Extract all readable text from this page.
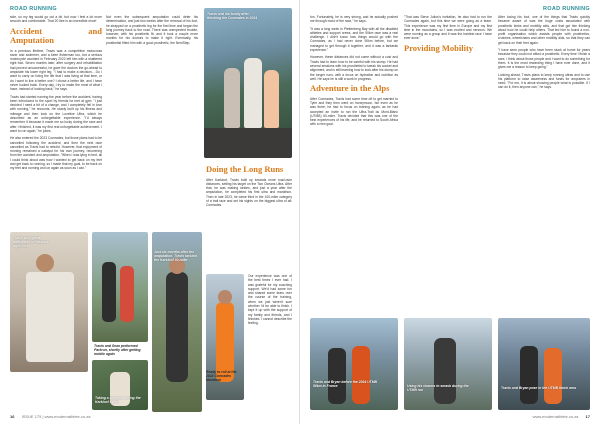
ROAD RUNNING

side, so my leg would go out a bit, but now I feel a lot more smooth and comfortable. That 20 litre is an incredible shoe!

Accident and Amputation

In a previous lifetime, Travis was a competitive motocross racer and swimmer, and a keen fisherman too, but a serious motorcycle accident in February 2022 left him with a shattered right foot. Seven months later, after surgery and rehabilitation had proved unsuccessful, he gave the doctors the go-ahead to amputate his lower right leg. "I had to make a decision... Do I want to carry on living the life that I was living at that time, or do I want to live a better one? I chose a better life, and I have never looked back. Every day, I try to make the most of what I have, instead of looking back," he says.

Travis had started running the year before the accident, having been introduced to the sport by friends he met at gym. "I just decided I need a bit of a change, and I completely fell in love with running," he recounts. He slowly built up his fitness and mileage and then took on the Loveline Ultra, which he described as an unforgettable experience. "I'd always remember it because it made me so lucky during the race and after I finished, it was my first real unforgettable achievement. I want to run again," he jokes.

He also entered the 2023 Comrades, but those plans had to be cancelled following the accident, and then the next race cancelled as Travis had to rebuild. However, that enjoyment of running remained a catalyst for his own journey, recovering from the accident and amputation. "When I was lying in bed, all I could think about was how I wanted to get back on my feet and get back to running, so I made that my goal, to be back on my feet and running and on again as soon as I can."

Not even the subsequent amputation could deter his determination, and just two weeks after the removal of his foot, he strapped on a prosthetic leg for the first time and began the long journey back to the road. There was unexpected trouble, however, with his prosthetic fit, and it took a couple more months for his doctors to make it right. Eventually, his prosthetist fitted him with a good prosthetic, the NextStep.

Travis and his family after finishing the Comrades in 2024
Travis with great difficulties in hospital right foot
Travis and Sean performed Parkrun, shortly after getting mobile again
Taking a breather during the Karkloof event
Just six months after the amputation, Travis tackled the Karkloof 50-miler
Doing the Long Runs

After Karkloof, Travis built up towards more road-race distances, setting his target on the Two Oceans Ultra. After that, he was making strides, and just a year after the amputation, he completed his first ultra and marathon. Then in late 2023, he came third in the 100-miler category of a trail race and set his sights on the biggest ultra of all: Comrades.

Ready to roll at the 2024 Comrades Marathon

Our experience was one of the best times I ever had. I was grateful for my coaching support. We'd had some fun and shared some tears over the course of the training, when we just weren't sure whether I'd be able to finish. I kept it up with the support of my family and friends, and I finished. I cannot describe the feeling.

16 ISSUE 175 | www.modernathlete.co.za
ROAD RUNNING

fun. Fortunately, he is very strong, and he actually pushed me through most of the race," he says.

"It was a long week in Plettenberg Bay with all the disabled athletes and support crews, and the 90km race was a real challenge. I didn't know how things would go with the Comrades, as I had never done 90km before, but we managed to get through it together, and it was a fantastic experience."

However, these distances did not come without a cost and Travis had to learn how to be careful with his stump. He had several sessions with his prosthetist to tweak his socket and alignment, and is still learning how to look after his stump on the longer runs, with a focus on hydration and nutrition as well. He says he is still a work in progress.

Adventure in the Alps

After Comrades, Travis had some time off to get married to Tyler and they then went on honeymoon, but even as he was there, he had to focus on training again, as he had accepted an invite to run the Ultra-Trail du Mont-Blanc (UTMB) 50-miler. Travis decided that this was one of the best experiences of his life, and he returned to South Africa with a new goal.

"That was Steve Julius's invitation, he also had to run the Comrades again, but this time we were going as a team. This experience was my first time in Europe and my first time in the mountains, so I was excited and nervous. We were running as a group and it was the hardest race I have ever done."

Providing Mobility

After losing his foot, one of the things that Travis quickly became aware of was the huge costs associated with prosthetic limbs and mobility aids, and that got him thinking about how he could help others. That led him to found a non-profit organisation which assists people with prosthetics, crutches, wheelchairs and other mobility aids, so that they can get back on their feet again.

"I have seen people who have been stuck at home for years because they could not afford a prosthetic. Every time I finish a race, I think about those people and I want to do something for them. It is the most rewarding thing I have ever done, and it gives me a reason to keep going."

Looking ahead, Travis plans to keep running ultras and to use his platform to raise awareness and funds for amputees in need. "For me, it is about showing people what is possible. If I can do it, then anyone can," he says.

Travis and Bryan before the 2024 UTMB 50km in France	Using his charms to smash during the UTMB run
Travis and Bryan pose in the UTMB finish area
www.modernathlete.co.za 17
